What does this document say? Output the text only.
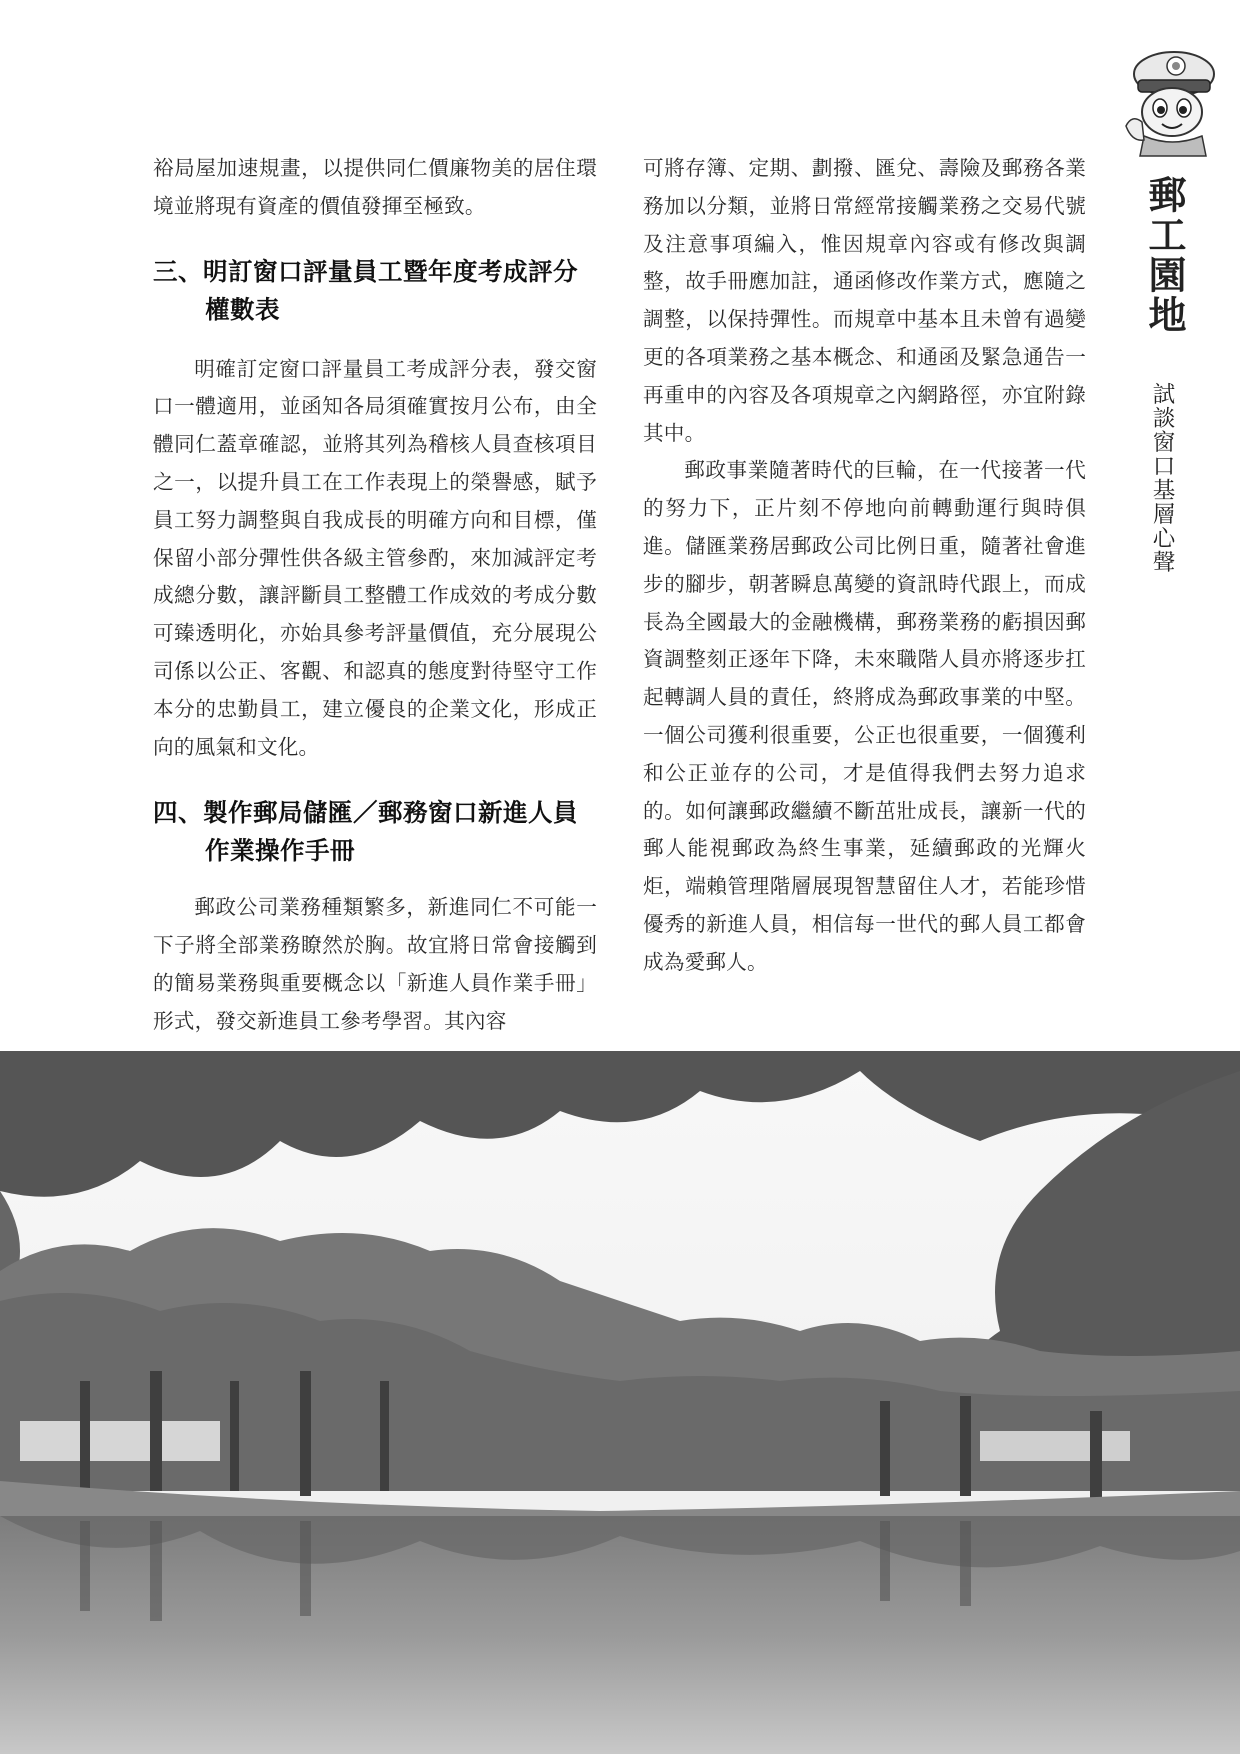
郵工園地
試談窗口基層心聲

裕局屋加速規畫，以提供同仁價廉物美的居住環境並將現有資產的價值發揮至極致。

三、明訂窗口評量員工暨年度考成評分權數表

明確訂定窗口評量員工考成評分表，發交窗口一體適用，並函知各局須確實按月公布，由全體同仁蓋章確認，並將其列為稽核人員查核項目之一，以提升員工在工作表現上的榮譽感，賦予員工努力調整與自我成長的明確方向和目標，僅保留小部分彈性供各級主管參酌，來加減評定考成總分數，讓評斷員工整體工作成效的考成分數可臻透明化，亦始具參考評量價值，充分展現公司係以公正、客觀、和認真的態度對待堅守工作本分的忠勤員工，建立優良的企業文化，形成正向的風氣和文化。

四、製作郵局儲匯／郵務窗口新進人員作業操作手冊

郵政公司業務種類繁多，新進同仁不可能一下子將全部業務瞭然於胸。故宜將日常會接觸到的簡易業務與重要概念以「新進人員作業手冊」形式，發交新進員工參考學習。其內容

可將存簿、定期、劃撥、匯兌、壽險及郵務各業務加以分類，並將日常經常接觸業務之交易代號及注意事項編入，惟因規章內容或有修改與調整，故手冊應加註，通函修改作業方式，應隨之調整，以保持彈性。而規章中基本且未曾有過變更的各項業務之基本概念、和通函及緊急通告一再重申的內容及各項規章之內網路徑，亦宜附錄其中。

郵政事業隨著時代的巨輪，在一代接著一代的努力下，正片刻不停地向前轉動運行與時俱進。儲匯業務居郵政公司比例日重，隨著社會進步的腳步，朝著瞬息萬變的資訊時代跟上，而成長為全國最大的金融機構，郵務業務的虧損因郵資調整刻正逐年下降，未來職階人員亦將逐步扛起轉調人員的責任，終將成為郵政事業的中堅。一個公司獲利很重要，公正也很重要，一個獲利和公正並存的公司，才是值得我們去努力追求的。如何讓郵政繼續不斷茁壯成長，讓新一代的郵人能視郵政為終生事業，延續郵政的光輝火炬，端賴管理階層展現智慧留住人才，若能珍惜優秀的新進人員，相信每一世代的郵人員工都會成為愛郵人。
